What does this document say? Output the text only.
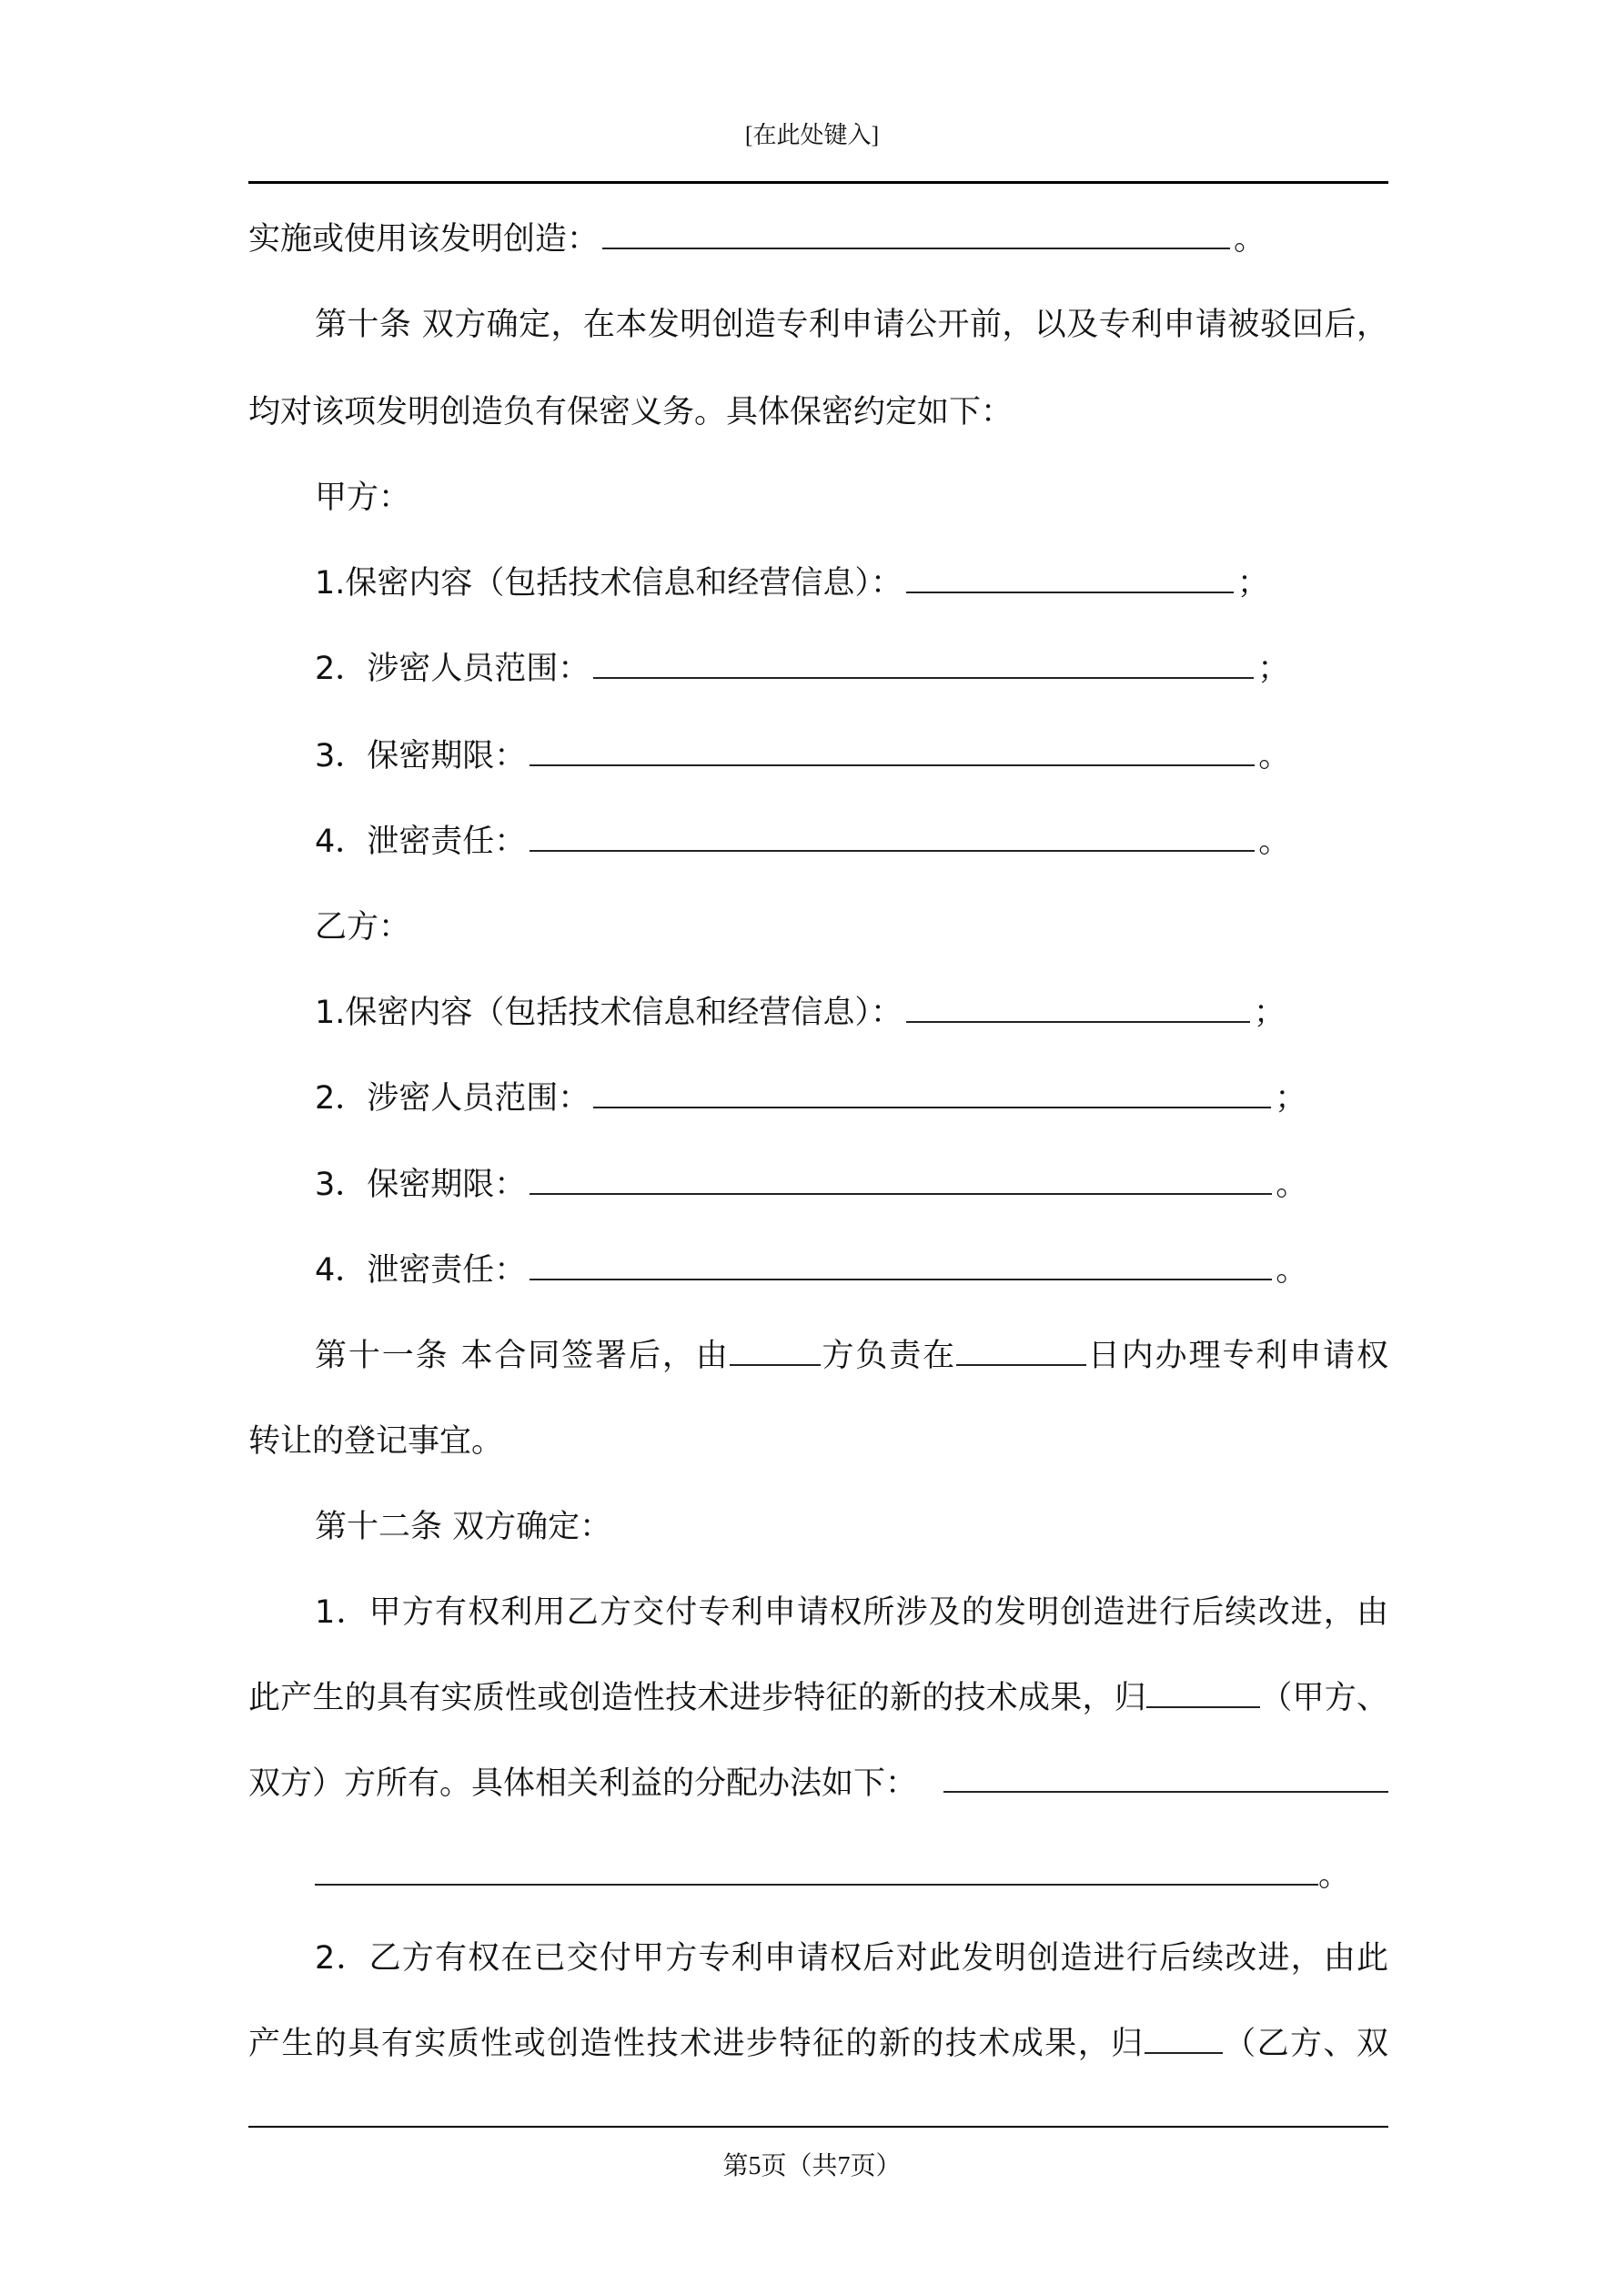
[在此处键入]
实施或使用该发明创造：	。
第十条 双方确定，在本发明创造专利申请公开前，以及专利申请被驳回后，
均对该项发明创造负有保密义务。具体保密约定如下：
甲方：
1.保密内容（包括技术信息和经营信息）：	；
2．涉密人员范围：	；
3．保密期限：	。
4．泄密责任：	。
乙方：
1.保密内容（包括技术信息和经营信息）：	；
2．涉密人员范围：	；
3．保密期限：	。
4．泄密责任：	。
第十一条 本合同签署后，由	方负责在	日内办理专利申请权
转让的登记事宜。
第十二条 双方确定：
1．甲方有权利用乙方交付专利申请权所涉及的发明创造进行后续改进，由
此产生的具有实质性或创造性技术进步特征的新的技术成果，归	（甲方、
双方）方所有。具体相关利益的分配办法如下：
。
2．乙方有权在已交付甲方专利申请权后对此发明创造进行后续改进，由此
产生的具有实质性或创造性技术进步特征的新的技术成果，归 （乙方、双
第5页（共7页）
